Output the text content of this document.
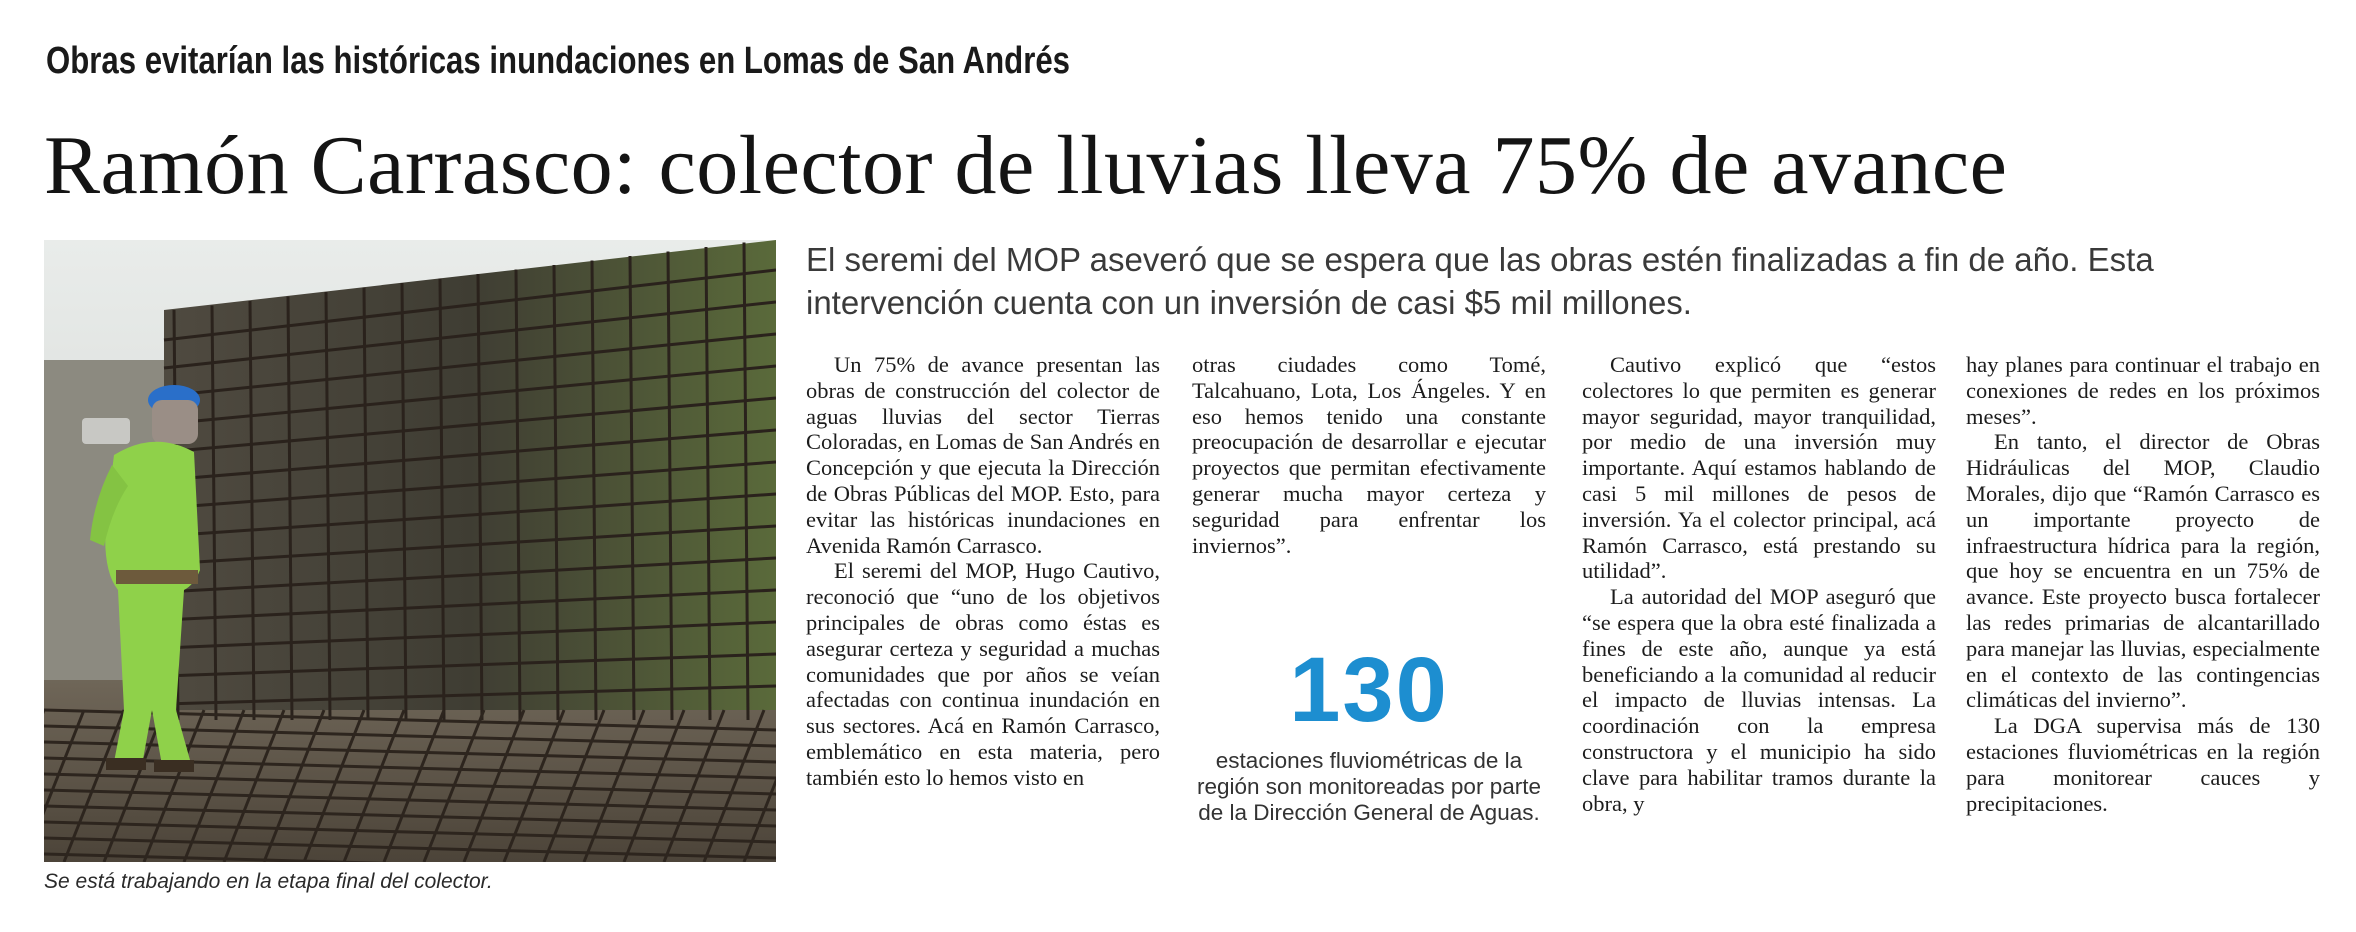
Obras evitarían las históricas inundaciones en Lomas de San Andrés
Ramón Carrasco: colector de lluvias lleva 75% de avance
Se está trabajando en la etapa final del colector.
El seremi del MOP aseveró que se espera que las obras estén finalizadas a fin de año. Esta intervención cuenta con un inversión de casi $5 mil millones.

Un 75% de avance presentan las obras de construcción del colector de aguas lluvias del sector Tierras Coloradas, en Lomas de San Andrés en Concepción y que ejecuta la Dirección de Obras Públicas del MOP. Esto, para evitar las históricas inundaciones en Avenida Ramón Carrasco.

El seremi del MOP, Hugo Cautivo, reconoció que “uno de los objetivos principales de obras como éstas es asegurar certeza y seguridad a muchas comunidades que por años se veían afectadas con continua inundación en sus sectores. Acá en Ramón Carrasco, emblemático en esta materia, pero también esto lo hemos visto en

otras ciudades como Tomé, Talcahuano, Lota, Los Ángeles. Y en eso hemos tenido una constante preocupación de desarrollar e ejecutar proyectos que permitan efectivamente generar mucha mayor certeza y seguridad para enfrentar los inviernos”.

130
estaciones fluviométricas de la región son monitoreadas por parte de la Dirección General de Aguas.

Cautivo explicó que “estos colectores lo que permiten es generar mayor seguridad, mayor tranquilidad, por medio de una inversión muy importante. Aquí estamos hablando de casi 5 mil millones de pesos de inversión. Ya el colector principal, acá Ramón Carrasco, está prestando su utilidad”.

La autoridad del MOP aseguró que “se espera que la obra esté finalizada a fines de este año, aunque ya está beneficiando a la comunidad al reducir el impacto de lluvias intensas. La coordinación con la empresa constructora y el municipio ha sido clave para habilitar tramos durante la obra, y

hay planes para continuar el trabajo en conexiones de redes en los próximos meses”.

En tanto, el director de Obras Hidráulicas del MOP, Claudio Morales, dijo que “Ramón Carrasco es un importante proyecto de infraestructura hídrica para la región, que hoy se encuentra en un 75% de avance. Este proyecto busca fortalecer las redes primarias de alcantarillado para manejar las lluvias, especialmente en el contexto de las contingencias climáticas del invierno”.

La DGA supervisa más de 130 estaciones fluviométricas en la región para monitorear cauces y precipitaciones.
